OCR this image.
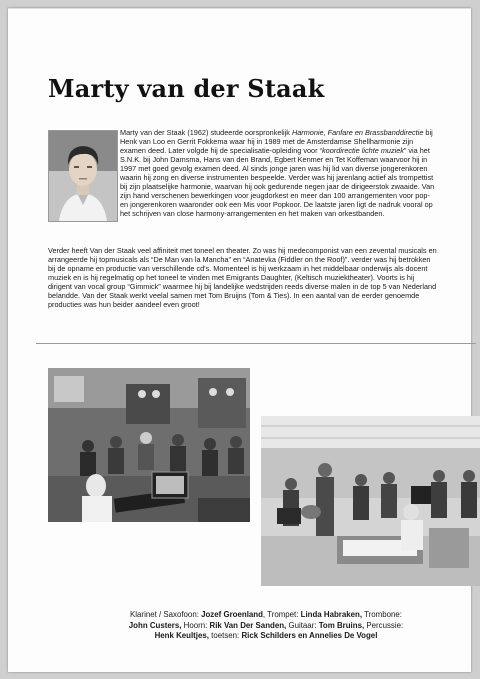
Marty van der Staak

Marty van der Staak (1962) studeerde oorspronkelijk Harmonie, Fanfare en Brassbanddirectie bij Henk van Loo en Gerrit Fokkema waar hij in 1989 met de Amsterdamse Shellharmonie zijn examen deed. Later volgde hij de specialisatie-opleiding voor “koordirectie lichte muziek” via het S.N.K. bij John Damsma, Hans van den Brand, Egbert Kenmer en Tet Koffeman waarvoor hij in 1997 met goed gevolg examen deed. Al sinds jonge jaren was hij lid van diverse jongerenkoren waarin hij zong en diverse instrumenten bespeelde. Verder was hij jarenlang actief als trompettist bij zijn plaatselijke harmonie, waarvan hij ook gedurende negen jaar de dirigeerstok zwaaide. Van zijn hand verschenen bewerkingen voor jeugdorkest en meer dan 100 arrangementen voor pop- en jongerenkoren waaronder ook een Mis voor Popkoor. De laatste jaren ligt de nadruk vooral op het schrijven van close harmony-arrangementen en het maken van orkestbanden.

Verder heeft Van der Staak veel affiniteit met toneel en theater. Zo was hij medecomponist van een zevental musicals en arrangeerde hij topmusicals als “De Man van la Mancha” en “Anatevka (Fiddler on the Roof)”. verder was hij betrokken bij de opname en productie van verschillende cd's. Momenteel is hij werkzaam in het middelbaar onderwijs als docent muziek en is hij regelmatig op het toneel te vinden met Emigrants Daughter, (Keltisch muziektheater). Voorts is hij dirigent van vocal group “Gimmick” waarmee hij bij landelijke wedstrijden reeds diverse malen in de top 5 van Nederland belandde. Van der Staak werkt veelal samen met Tom Bruijns (Tom & Ties). In een aantal van de eerder genoemde producties was hun beider aandeel even groot!

Klarinet / Saxofoon: Jozef Groenland, Trompet: Linda Habraken, Trombone:
John Custers, Hoorn: Rik Van Der Sanden, Guitaar: Tom Bruins, Percussie:
Henk Keultjes, toetsen: Rick Schilders en Annelies De Vogel
